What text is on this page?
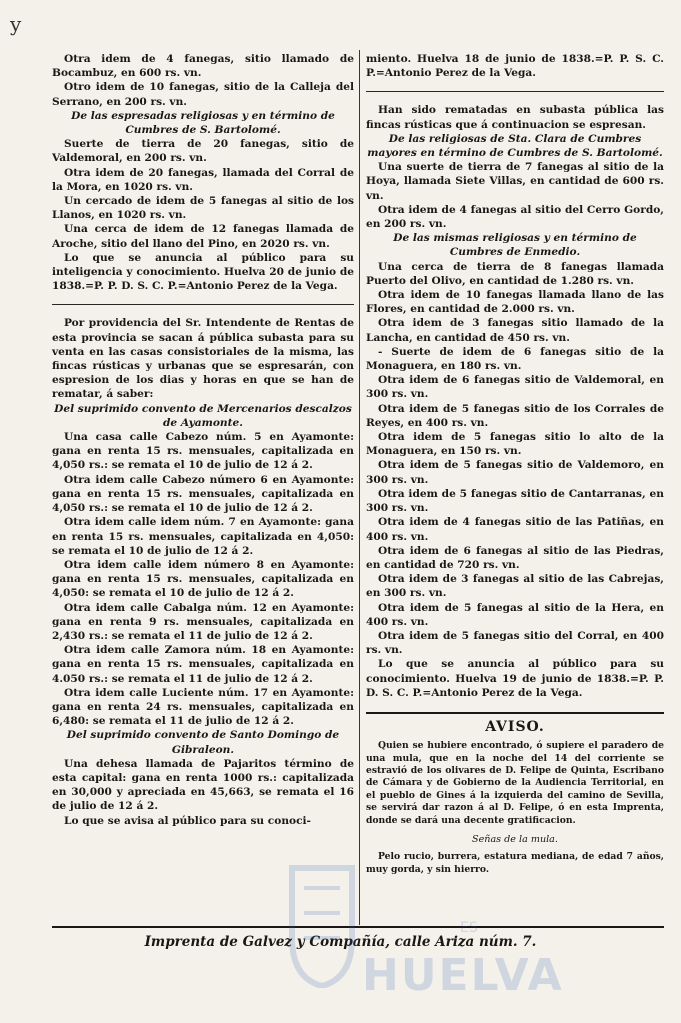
y

Otra idem de 4 fanegas, sitio llamado de Bocambuz, en 600 rs. vn.

Otro idem de 10 fanegas, sitio de la Calleja del Serrano, en 200 rs. vn.

De las espresadas religiosas y en término de Cumbres de S. Bartolomé.

Suerte de tierra de 20 fanegas, sitio de Valdemoral, en 200 rs. vn.

Otra idem de 20 fanegas, llamada del Corral de la Mora, en 1020 rs. vn.

Un cercado de idem de 5 fanegas al sitio de los Llanos, en 1020 rs. vn.

Una cerca de idem de 12 fanegas llamada de Aroche, sitio del llano del Pino, en 2020 rs. vn.

Lo que se anuncia al público para su inteligencia y conocimiento. Huelva 20 de junio de 1838.=P. P. D. S. C. P.=Antonio Perez de la Vega.

Por providencia del Sr. Intendente de Rentas de esta provincia se sacan á pública subasta para su venta en las casas consistoriales de la misma, las fincas rústicas y urbanas que se espresarán, con espresion de los dias y horas en que se han de rematar, á saber:

Del suprimido convento de Mercenarios descalzos de Ayamonte.

Una casa calle Cabezo núm. 5 en Ayamonte: gana en renta 15 rs. mensuales, capitalizada en 4,050 rs.: se remata el 10 de julio de 12 á 2.

Otra idem calle Cabezo número 6 en Ayamonte: gana en renta 15 rs. mensuales, capitalizada en 4,050 rs.: se remata el 10 de julio de 12 á 2.

Otra idem calle idem núm. 7 en Ayamonte: gana en renta 15 rs. mensuales, capitalizada en 4,050: se remata el 10 de julio de 12 á 2.

Otra idem calle idem número 8 en Ayamonte: gana en renta 15 rs. mensuales, capitalizada en 4,050: se remata el 10 de julio de 12 á 2.

Otra idem calle Cabalga núm. 12 en Ayamonte: gana en renta 9 rs. mensuales, capitalizada en 2,430 rs.: se remata el 11 de julio de 12 á 2.

Otra idem calle Zamora núm. 18 en Ayamonte: gana en renta 15 rs. mensuales, capitalizada en 4.050 rs.: se remata el 11 de julio de 12 á 2.

Otra idem calle Luciente núm. 17 en Ayamonte: gana en renta 24 rs. mensuales, capitalizada en 6,480: se remata el 11 de julio de 12 á 2.

Del suprimido convento de Santo Domingo de Gibraleon.

Una dehesa llamada de Pajaritos término de esta capital: gana en renta 1000 rs.: capitalizada en 30,000 y apreciada en 45,663, se remata el 16 de julio de 12 á 2.

Lo que se avisa al público para su conoci-

miento. Huelva 18 de junio de 1838.=P. P. S. C. P.=Antonio Perez de la Vega.

Han sido rematadas en subasta pública las fincas rústicas que á continuacion se espresan.

De las religiosas de Sta. Clara de Cumbres mayores en término de Cumbres de S. Bartolomé.

Una suerte de tierra de 7 fanegas al sitio de la Hoya, llamada Siete Villas, en cantidad de 600 rs. vn.

Otra idem de 4 fanegas al sitio del Cerro Gordo, en 200 rs. vn.

De las mismas religiosas y en término de Cumbres de Enmedio.

Una cerca de tierra de 8 fanegas llamada Puerto del Olivo, en cantidad de 1.280 rs. vn.

Otra idem de 10 fanegas llamada llano de las Flores, en cantidad de 2.000 rs. vn.

Otra idem de 3 fanegas sitio llamado de la Lancha, en cantidad de 450 rs. vn.

- Suerte de idem de 6 fanegas sitio de la Monaguera, en 180 rs. vn.

Otra idem de 6 fanegas sitio de Valdemoral, en 300 rs. vn.

Otra idem de 5 fanegas sitio de los Corrales de Reyes, en 400 rs. vn.

Otra idem de 5 fanegas sitio lo alto de la Monaguera, en 150 rs. vn.

Otra idem de 5 fanegas sitio de Valdemoro, en 300 rs. vn.

Otra idem de 5 fanegas sitio de Cantarranas, en 300 rs. vn.

Otra idem de 4 fanegas sitio de las Patiñas, en 400 rs. vn.

Otra idem de 6 fanegas al sitio de las Piedras, en cantidad de 720 rs. vn.

Otra idem de 3 fanegas al sitio de las Cabrejas, en 300 rs. vn.

Otra idem de 5 fanegas al sitio de la Hera, en 400 rs. vn.

Otra idem de 5 fanegas sitio del Corral, en 400 rs. vn.

Lo que se anuncia al público para su conocimiento. Huelva 19 de junio de 1838.=P. P. D. S. C. P.=Antonio Perez de la Vega.

AVISO.

Quien se hubiere encontrado, ó supiere el paradero de una mula, que en la noche del 14 del corriente se estravió de los olivares de D. Felipe de Quinta, Escribano de Cámara y de Gobierno de la Audiencia Territorial, en el pueblo de Gines á la izquierda del camino de Sevilla, se servirá dar razon á al D. Felipe, ó en esta Imprenta, donde se dará una decente gratificacion.

Señas de la mula.

Pelo rucio, burrera, estatura mediana, de edad 7 años, muy gorda, y sin hierro.

Imprenta de Galvez y Compañía, calle Ariza núm. 7.
ES
HUELVA
